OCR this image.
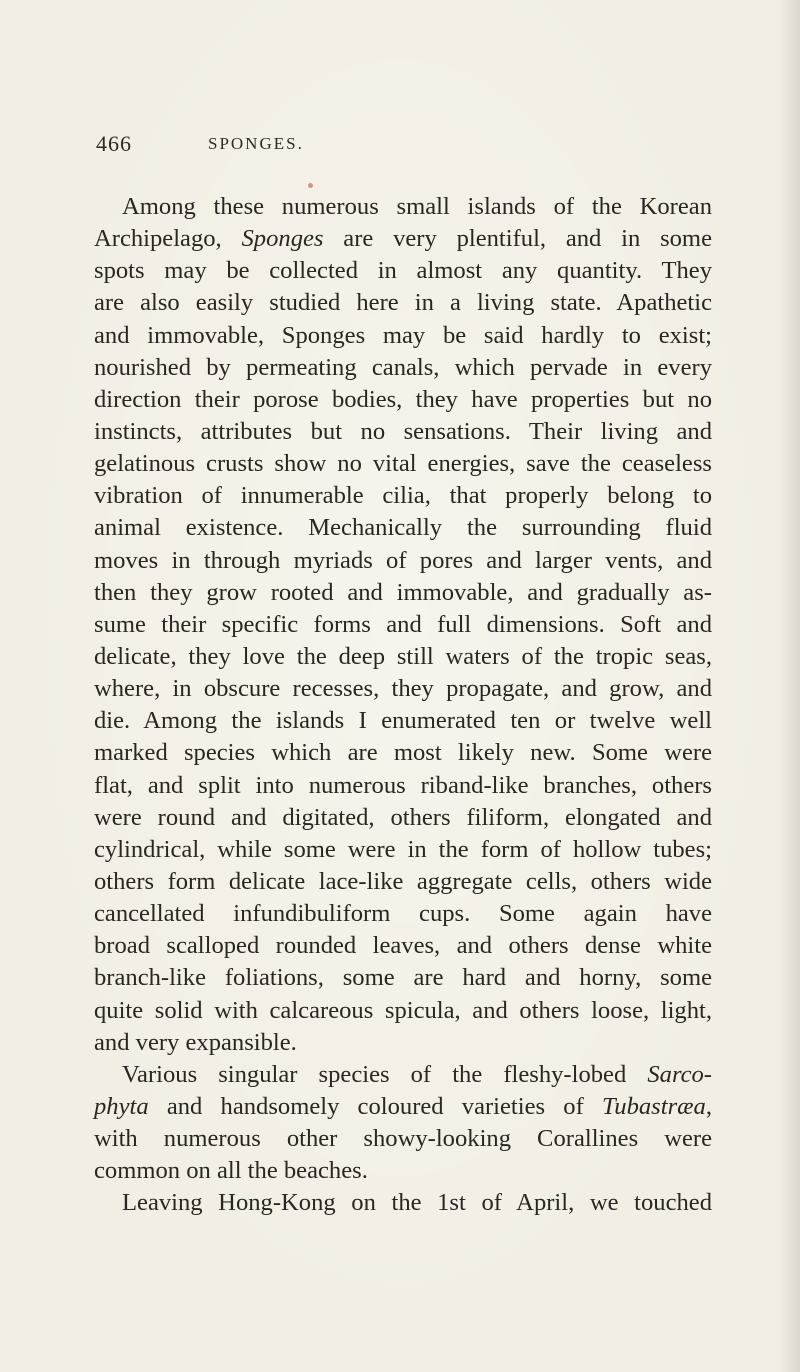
466	SPONGES.
Among these numerous small islands of the Korean
Archipelago, Sponges are very plentiful, and in some
spots may be collected in almost any quantity. They
are also easily studied here in a living state. Apathetic
and immovable, Sponges may be said hardly to exist;
nourished by permeating canals, which pervade in every
direction their porose bodies, they have properties but no
instincts, attributes but no sensations. Their living and
gelatinous crusts show no vital energies, save the ceaseless
vibration of innumerable cilia, that properly belong to
animal existence. Mechanically the surrounding fluid
moves in through myriads of pores and larger vents, and
then they grow rooted and immovable, and gradually as-
sume their specific forms and full dimensions. Soft and
delicate, they love the deep still waters of the tropic seas,
where, in obscure recesses, they propagate, and grow, and
die. Among the islands I enumerated ten or twelve well
marked species which are most likely new. Some were
flat, and split into numerous riband-like branches, others
were round and digitated, others filiform, elongated and
cylindrical, while some were in the form of hollow tubes;
others form delicate lace-like aggregate cells, others wide
cancellated infundibuliform cups. Some again have
broad scalloped rounded leaves, and others dense white
branch-like foliations, some are hard and horny, some
quite solid with calcareous spicula, and others loose, light,
and very expansible.
Various singular species of the fleshy-lobed Sarco-
phyta and handsomely coloured varieties of Tubastræa,
with numerous other showy-looking Corallines were
common on all the beaches.
Leaving Hong-Kong on the 1st of April, we touched
